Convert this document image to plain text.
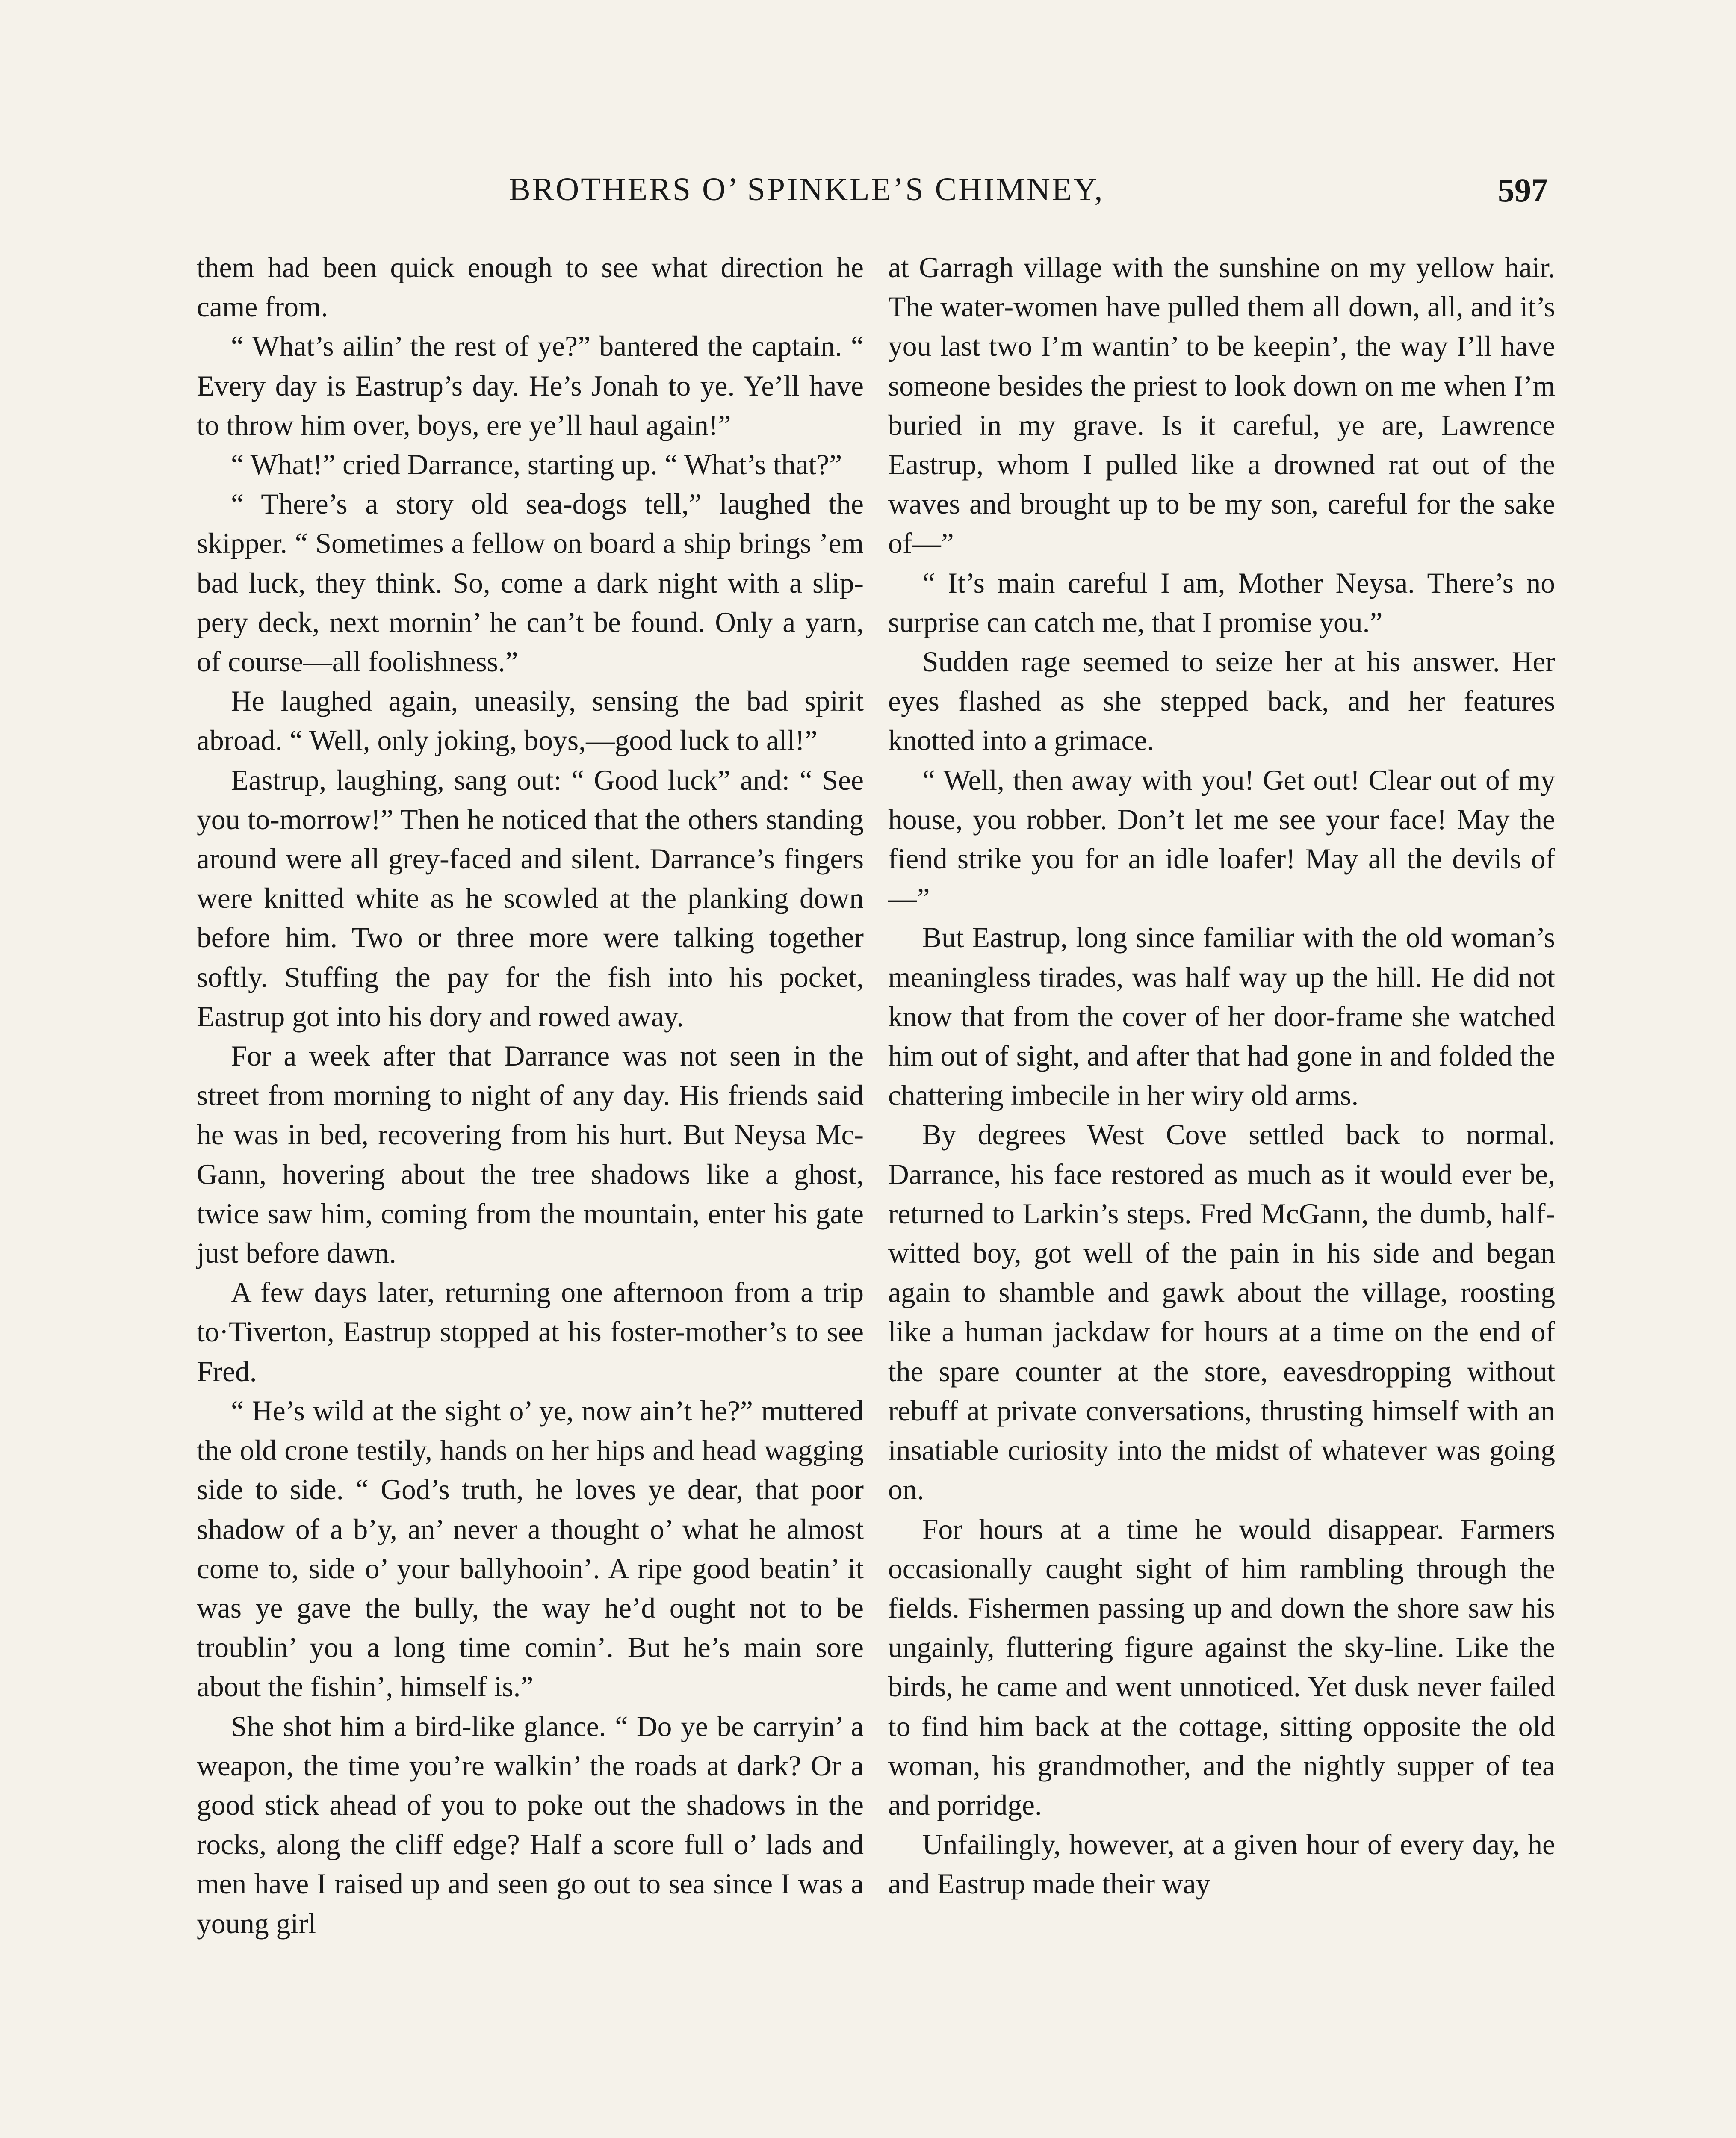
BROTHERS O’ SPINKLE’S CHIMNEY,	597

them had been quick enough to see what direction he came from.

“ What’s ailin’ the rest of ye?” bantered the captain. “ Every day is Eastrup’s day. He’s Jonah to ye. Ye’ll have to throw him over, boys, ere ye’ll haul again!”

“ What!” cried Darrance, starting up. “ What’s that?”

“ There’s a story old sea-dogs tell,” laughed the skipper. “ Sometimes a fellow on board a ship brings ’em bad luck, they think. So, come a dark night with a slippery deck, next mornin’ he can’t be found. Only a yarn, of course—all foolishness.”

He laughed again, uneasily, sensing the bad spirit abroad. “ Well, only joking, boys,—good luck to all!”

Eastrup, laughing, sang out: “ Good luck” and: “ See you to-morrow!” Then he noticed that the others standing around were all grey-faced and silent. Darrance’s fingers were knitted white as he scowled at the planking down before him. Two or three more were talking together softly. Stuffing the pay for the fish into his pocket, Eastrup got into his dory and rowed away.

For a week after that Darrance was not seen in the street from morning to night of any day. His friends said he was in bed, recovering from his hurt. But Neysa McGann, hovering about the tree shadows like a ghost, twice saw him, coming from the mountain, enter his gate just before dawn.

A few days later, returning one afternoon from a trip to·Tiverton, Eastrup stopped at his foster-mother’s to see Fred.

“ He’s wild at the sight o’ ye, now ain’t he?” muttered the old crone testily, hands on her hips and head wagging side to side. “ God’s truth, he loves ye dear, that poor shadow of a b’y, an’ never a thought o’ what he almost come to, side o’ your ballyhooin’. A ripe good beatin’ it was ye gave the bully, the way he’d ought not to be troublin’ you a long time comin’. But he’s main sore about the fishin’, himself is.”

She shot him a bird-like glance. “ Do ye be carryin’ a weapon, the time you’re walkin’ the roads at dark? Or a good stick ahead of you to poke out the shadows in the rocks, along the cliff edge? Half a score full o’ lads and men have I raised up and seen go out to sea since I was a young girl

at Garragh village with the sunshine on my yellow hair. The water-women have pulled them all down, all, and it’s you last two I’m wantin’ to be keepin’, the way I’ll have someone besides the priest to look down on me when I’m buried in my grave. Is it careful, ye are, Lawrence Eastrup, whom I pulled like a drowned rat out of the waves and brought up to be my son, careful for the sake of—”

“ It’s main careful I am, Mother Neysa. There’s no surprise can catch me, that I promise you.”

Sudden rage seemed to seize her at his answer. Her eyes flashed as she stepped back, and her features knotted into a grimace.

“ Well, then away with you! Get out! Clear out of my house, you robber. Don’t let me see your face! May the fiend strike you for an idle loafer! May all the devils of—”

But Eastrup, long since familiar with the old woman’s meaningless tirades, was half way up the hill. He did not know that from the cover of her door-frame she watched him out of sight, and after that had gone in and folded the chattering imbecile in her wiry old arms.

By degrees West Cove settled back to normal. Darrance, his face restored as much as it would ever be, returned to Larkin’s steps. Fred McGann, the dumb, half-witted boy, got well of the pain in his side and began again to shamble and gawk about the village, roosting like a human jackdaw for hours at a time on the end of the spare counter at the store, eavesdropping without rebuff at private conversations, thrusting himself with an insatiable curiosity into the midst of whatever was going on.

For hours at a time he would disappear. Farmers occasionally caught sight of him rambling through the fields. Fishermen passing up and down the shore saw his ungainly, fluttering figure against the sky-line. Like the birds, he came and went unnoticed. Yet dusk never failed to find him back at the cottage, sitting opposite the old woman, his grandmother, and the nightly supper of tea and porridge.

Unfailingly, however, at a given hour of every day, he and Eastrup made their way
